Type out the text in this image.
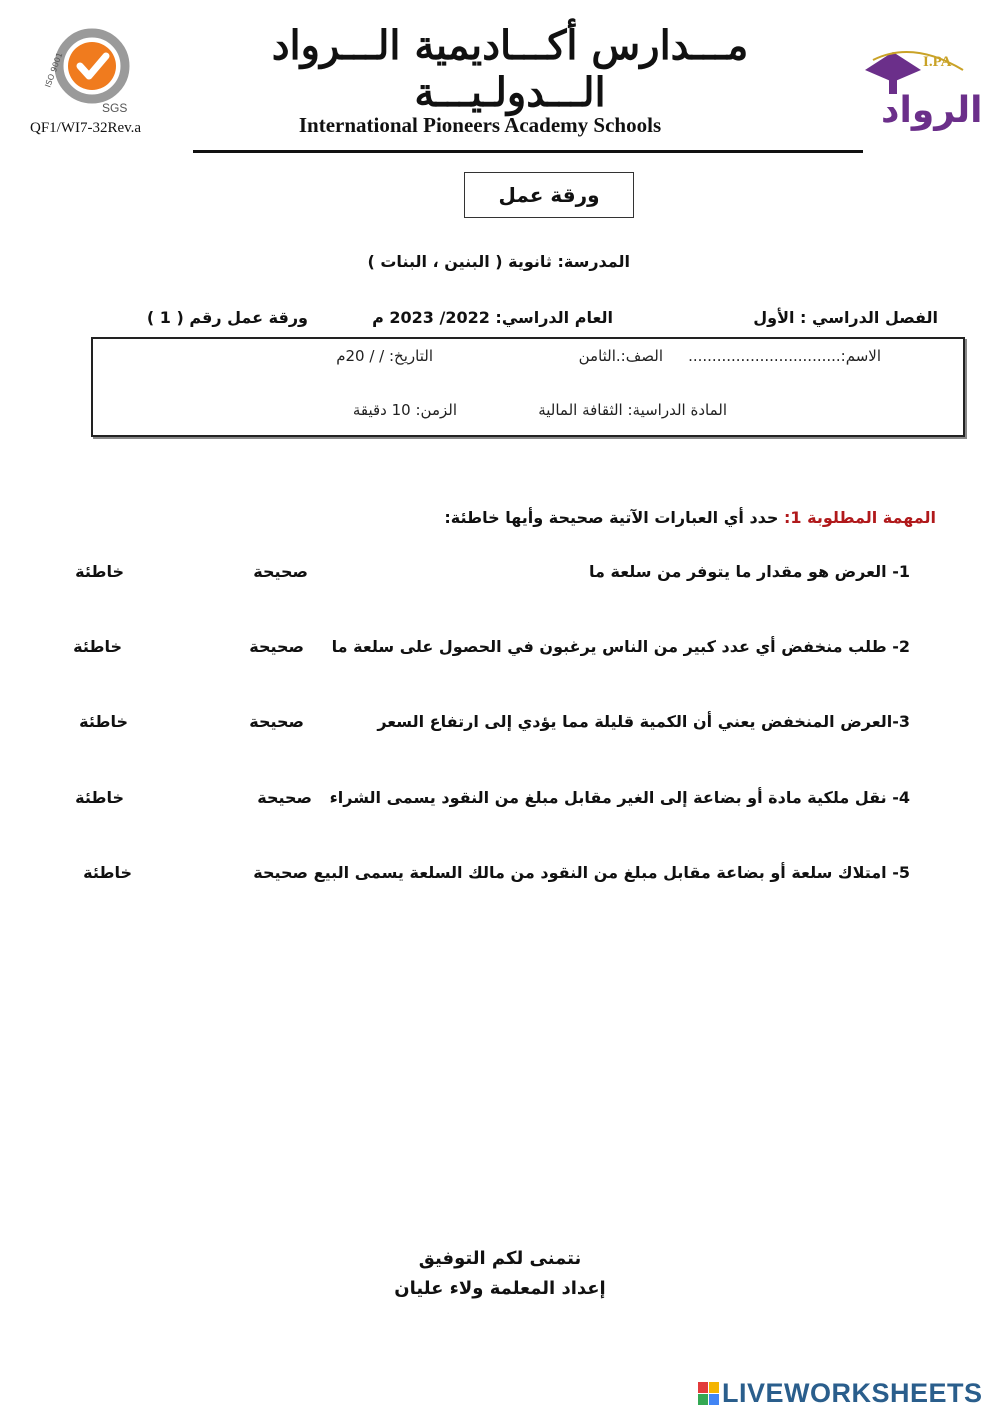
ISO 9001
SGS
QF1/WI7-32Rev.a
مـــدارس أكـــاديمية الـــرواد الـــدولـيـــة
International Pioneers Academy Schools
I.PA
الرواد
ورقة عمل
المدرسة: ثانوية ( البنين ، البنات )
الفصل الدراسي : الأول
العام الدراسي: 2022/ 2023 م
ورقة عمل رقم ( 1 )
الاسم:................................
الصف:.الثامن
التاريخ: / / 20م
المادة الدراسية: الثقافة المالية
الزمن: 10 دقيقة
المهمة المطلوبة 1: حدد أي العبارات الآتية صحيحة وأيها خاطئة:
1- العرض هو مقدار ما يتوفر من سلعة ما
صحيحة
خاطئة
2- طلب منخفض أي عدد كبير من الناس يرغبون في الحصول على سلعة ما
صحيحة
خاطئة
3-العرض المنخفض يعني أن الكمية قليلة مما يؤدي إلى ارتفاع السعر
صحيحة
خاطئة
4- نقل ملكية مادة أو بضاعة إلى الغير مقابل مبلغ من النقود يسمى الشراء
صحيحة
خاطئة
5- امتلاك سلعة أو بضاعة مقابل مبلغ من النقود من مالك السلعة يسمى البيع
صحيحة
خاطئة
نتمنى لكم التوفيق
إعداد المعلمة ولاء عليان
LIVEWORKSHEETS
